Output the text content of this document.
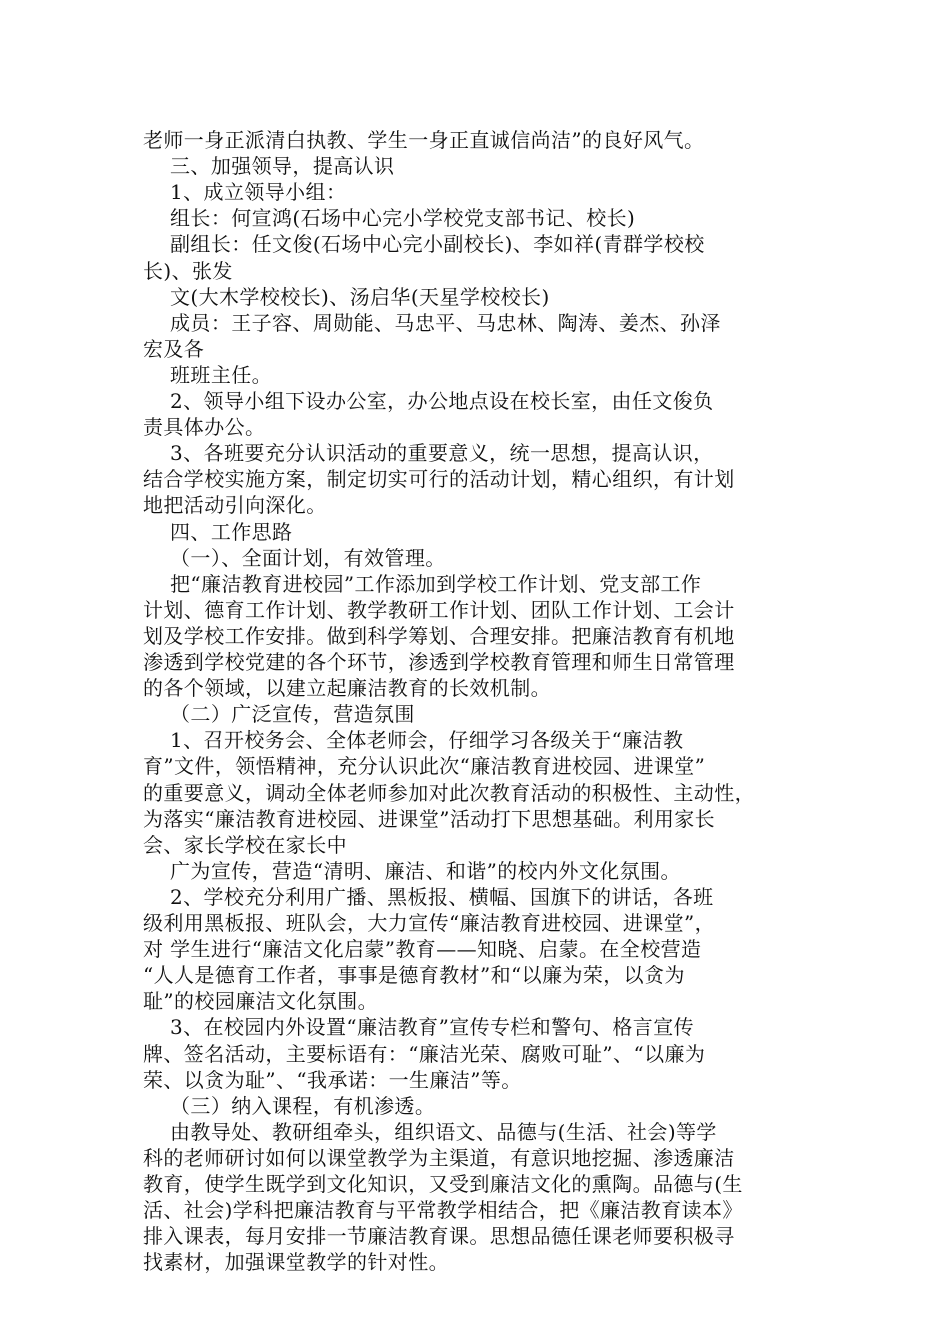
老师一身正派清白执教、学生一身正直诚信尚洁”的良好风气。
三、加强领导，提高认识
1、成立领导小组：
组长：何宣鸿(石场中心完小学校党支部书记、校长)
副组长：任文俊(石场中心完小副校长)、李如祥(青群学校校
长)、张发
文(大木学校校长)、汤启华(天星学校校长)
成员：王子容、周勋能、马忠平、马忠林、陶涛、姜杰、孙泽
宏及各
班班主任。
2、领导小组下设办公室，办公地点设在校长室，由任文俊负
责具体办公。
3、各班要充分认识活动的重要意义，统一思想，提高认识，
结合学校实施方案，制定切实可行的活动计划，精心组织，有计划
地把活动引向深化。
四、工作思路
（一）、全面计划，有效管理。
把“廉洁教育进校园”工作添加到学校工作计划、党支部工作
计划、德育工作计划、教学教研工作计划、团队工作计划、工会计
划及学校工作安排。做到科学筹划、合理安排。把廉洁教育有机地
渗透到学校党建的各个环节，渗透到学校教育管理和师生日常管理
的各个领域，以建立起廉洁教育的长效机制。
（二）广泛宣传，营造氛围
1、召开校务会、全体老师会，仔细学习各级关于“廉洁教
育”文件，领悟精神，充分认识此次“廉洁教育进校园、进课堂”
的重要意义，调动全体老师参加对此次教育活动的积极性、主动性，
为落实“廉洁教育进校园、进课堂”活动打下思想基础。利用家长
会、家长学校在家长中
广为宣传，营造“清明、廉洁、和谐”的校内外文化氛围。
2、学校充分利用广播、黑板报、横幅、国旗下的讲话，各班
级利用黑板报、班队会，大力宣传“廉洁教育进校园、进课堂”，
对 学生进行“廉洁文化启蒙”教育——知晓、启蒙。在全校营造
“人人是德育工作者，事事是德育教材”和“以廉为荣，以贪为
耻”的校园廉洁文化氛围。
3、在校园内外设置“廉洁教育”宣传专栏和警句、格言宣传
牌、签名活动，主要标语有：“廉洁光荣、腐败可耻”、“以廉为
荣、以贪为耻”、“我承诺：一生廉洁”等。
（三）纳入课程，有机渗透。
由教导处、教研组牵头，组织语文、品德与(生活、社会)等学
科的老师研讨如何以课堂教学为主渠道，有意识地挖掘、渗透廉洁
教育，使学生既学到文化知识，又受到廉洁文化的熏陶。品德与(生
活、社会)学科把廉洁教育与平常教学相结合，把《廉洁教育读本》
排入课表，每月安排一节廉洁教育课。思想品德任课老师要积极寻
找素材，加强课堂教学的针对性。
